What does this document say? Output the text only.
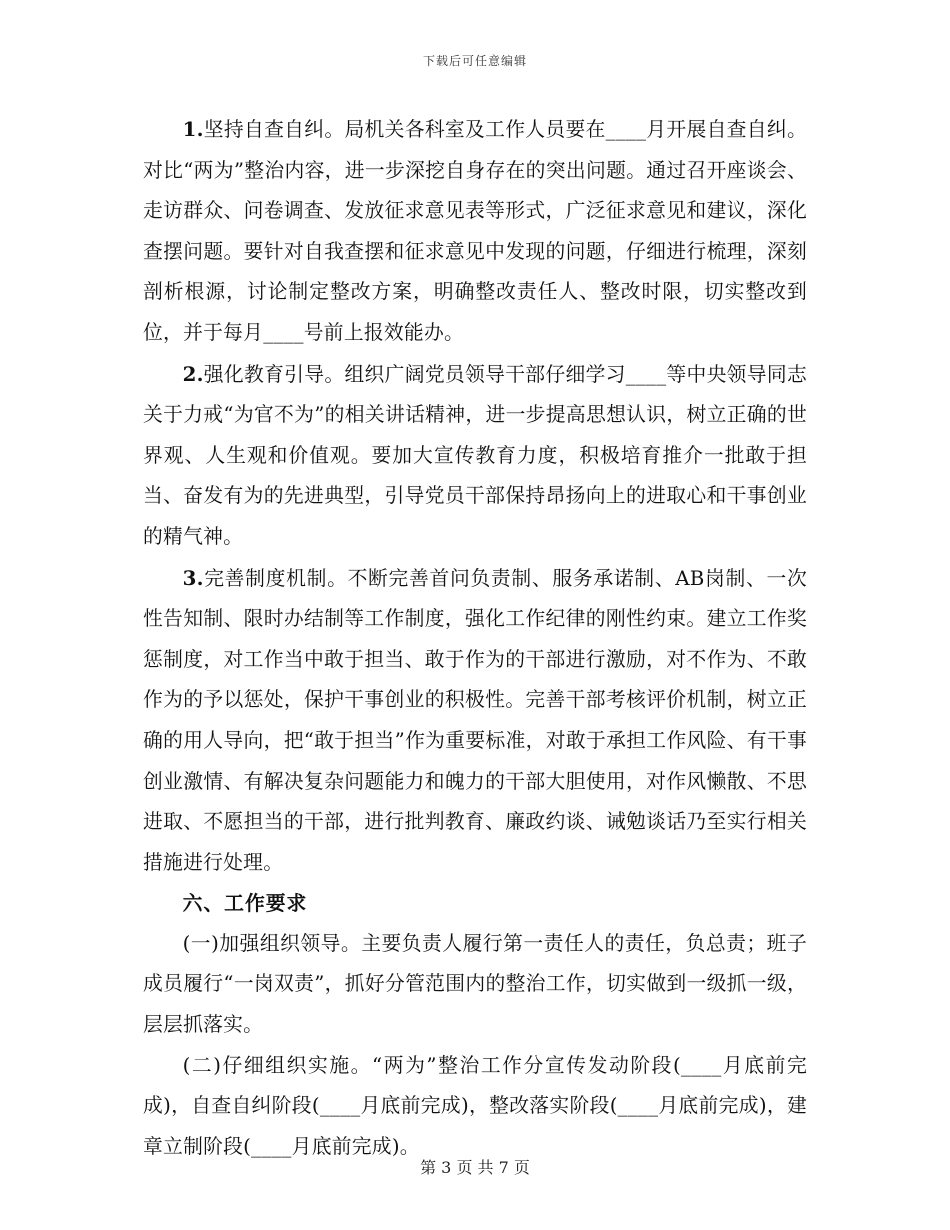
下载后可任意编辑

1.坚持自查自纠。局机关各科室及工作人员要在____月开展自查自纠。对比“两为”整治内容，进一步深挖自身存在的突出问题。通过召开座谈会、走访群众、问卷调查、发放征求意见表等形式，广泛征求意见和建议，深化查摆问题。要针对自我查摆和征求意见中发现的问题，仔细进行梳理，深刻剖析根源，讨论制定整改方案，明确整改责任人、整改时限，切实整改到位，并于每月____号前上报效能办。

2.强化教育引导。组织广阔党员领导干部仔细学习____等中央领导同志关于力戒“为官不为”的相关讲话精神，进一步提高思想认识，树立正确的世界观、人生观和价值观。要加大宣传教育力度，积极培育推介一批敢于担当、奋发有为的先进典型，引导党员干部保持昂扬向上的进取心和干事创业的精气神。

3.完善制度机制。不断完善首问负责制、服务承诺制、AB岗制、一次性告知制、限时办结制等工作制度，强化工作纪律的刚性约束。建立工作奖惩制度，对工作当中敢于担当、敢于作为的干部进行激励，对不作为、不敢作为的予以惩处，保护干事创业的积极性。完善干部考核评价机制，树立正确的用人导向，把“敢于担当”作为重要标准，对敢于承担工作风险、有干事创业激情、有解决复杂问题能力和魄力的干部大胆使用，对作风懒散、不思进取、不愿担当的干部，进行批判教育、廉政约谈、诫勉谈话乃至实行相关措施进行处理。

六、工作要求

(一)加强组织领导。主要负责人履行第一责任人的责任，负总责；班子成员履行“一岗双责”，抓好分管范围内的整治工作，切实做到一级抓一级，层层抓落实。

(二)仔细组织实施。“两为”整治工作分宣传发动阶段(____月底前完成)，自查自纠阶段(____月底前完成)，整改落实阶段(____月底前完成)，建章立制阶段(____月底前完成)。

第 3 页 共 7 页
